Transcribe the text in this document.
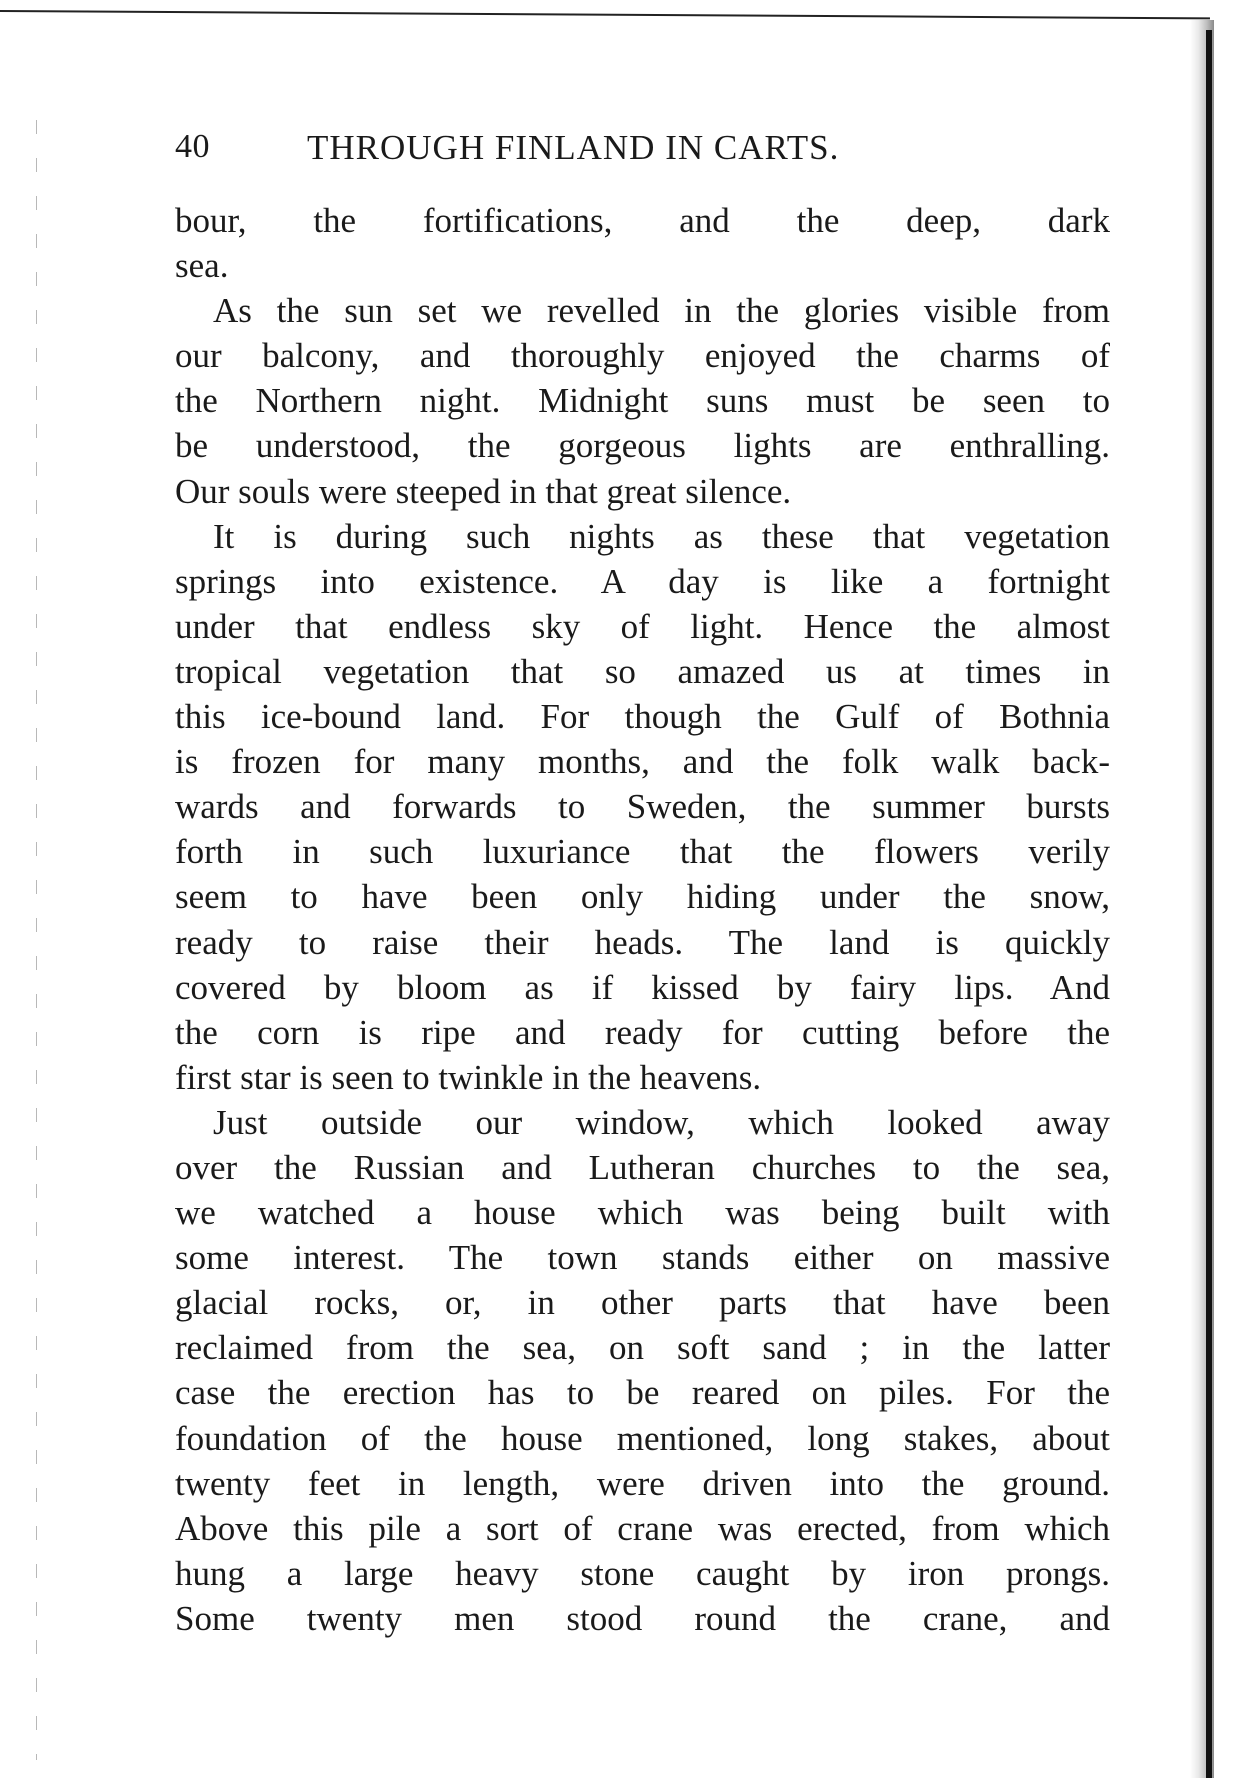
40	THROUGH FINLAND IN CARTS.
bour, the fortifications, and the deep, dark
sea.
As the sun set we revelled in the glories visible from
our balcony, and thoroughly enjoyed the charms of
the Northern night. Midnight suns must be seen to
be understood, the gorgeous lights are enthralling.
Our souls were steeped in that great silence.
It is during such nights as these that vegetation
springs into existence. A day is like a fortnight
under that endless sky of light. Hence the almost
tropical vegetation that so amazed us at times in
this ice-bound land. For though the Gulf of Bothnia
is frozen for many months, and the folk walk back-
wards and forwards to Sweden, the summer bursts
forth in such luxuriance that the flowers verily
seem to have been only hiding under the snow,
ready to raise their heads. The land is quickly
covered by bloom as if kissed by fairy lips. And
the corn is ripe and ready for cutting before the
first star is seen to twinkle in the heavens.
Just outside our window, which looked away
over the Russian and Lutheran churches to the sea,
we watched a house which was being built with
some interest. The town stands either on massive
glacial rocks, or, in other parts that have been
reclaimed from the sea, on soft sand ; in the latter
case the erection has to be reared on piles. For the
foundation of the house mentioned, long stakes, about
twenty feet in length, were driven into the ground.
Above this pile a sort of crane was erected, from which
hung a large heavy stone caught by iron prongs.
Some twenty men stood round the crane, and
